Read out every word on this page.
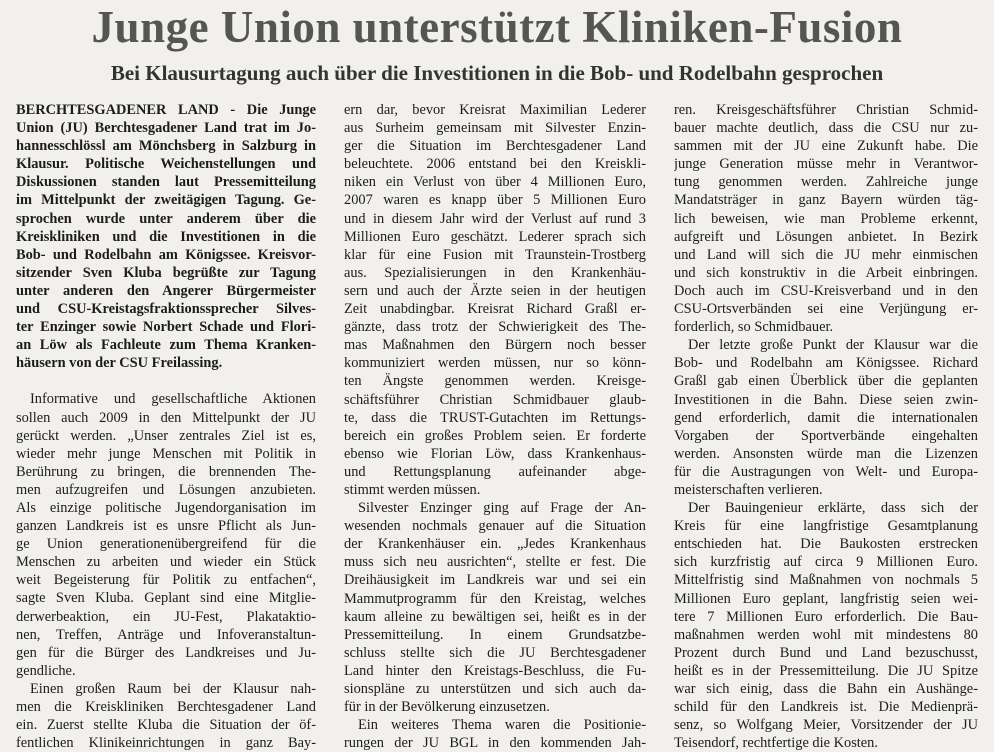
Junge Union unterstützt Kliniken-Fusion
Bei Klausurtagung auch über die Investitionen in die Bob- und Rodelbahn gesprochen
BERCHTESGADENER LAND - Die Junge
Union (JU) Berchtesgadener Land trat im Jo-
hannesschlössl am Mönchsberg in Salzburg in
Klausur. Politische Weichenstellungen und
Diskussionen standen laut Pressemitteilung
im Mittelpunkt der zweitägigen Tagung. Ge-
sprochen wurde unter anderem über die
Kreiskliniken und die Investitionen in die
Bob- und Rodelbahn am Königssee. Kreisvor-
sitzender Sven Kluba begrüßte zur Tagung
unter anderen den Angerer Bürgermeister
und CSU-Kreistagsfraktionssprecher Silves-
ter Enzinger sowie Norbert Schade und Flori-
an Löw als Fachleute zum Thema Kranken-
häusern von der CSU Freilassing.
Informative und gesellschaftliche Aktionen
sollen auch 2009 in den Mittelpunkt der JU
gerückt werden. „Unser zentrales Ziel ist es,
wieder mehr junge Menschen mit Politik in
Berührung zu bringen, die brennenden The-
men aufzugreifen und Lösungen anzubieten.
Als einzige politische Jugendorganisation im
ganzen Landkreis ist es unsre Pflicht als Jun-
ge Union generationenübergreifend für die
Menschen zu arbeiten und wieder ein Stück
weit Begeisterung für Politik zu entfachen“,
sagte Sven Kluba. Geplant sind eine Mitglie-
derwerbeaktion, ein JU-Fest, Plakataktio-
nen, Treffen, Anträge und Infoveranstaltun-
gen für die Bürger des Landkreises und Ju-
gendliche.
Einen großen Raum bei der Klausur nah-
men die Kreiskliniken Berchtesgadener Land
ein. Zuerst stellte Kluba die Situation der öf-
fentlichen Klinikeinrichtungen in ganz Bay-
ern dar, bevor Kreisrat Maximilian Lederer
aus Surheim gemeinsam mit Silvester Enzin-
ger die Situation im Berchtesgadener Land
beleuchtete. 2006 entstand bei den Kreiskli-
niken ein Verlust von über 4 Millionen Euro,
2007 waren es knapp über 5 Millionen Euro
und in diesem Jahr wird der Verlust auf rund 3
Millionen Euro geschätzt. Lederer sprach sich
klar für eine Fusion mit Traunstein-Trostberg
aus. Spezialisierungen in den Krankenhäu-
sern und auch der Ärzte seien in der heutigen
Zeit unabdingbar. Kreisrat Richard Graßl er-
gänzte, dass trotz der Schwierigkeit des The-
mas Maßnahmen den Bürgern noch besser
kommuniziert werden müssen, nur so könn-
ten Ängste genommen werden. Kreisge-
schäftsführer Christian Schmidbauer glaub-
te, dass die TRUST-Gutachten im Rettungs-
bereich ein großes Problem seien. Er forderte
ebenso wie Florian Löw, dass Krankenhaus-
und Rettungsplanung aufeinander abge-
stimmt werden müssen.
Silvester Enzinger ging auf Frage der An-
wesenden nochmals genauer auf die Situation
der Krankenhäuser ein. „Jedes Krankenhaus
muss sich neu ausrichten“, stellte er fest. Die
Dreihäusigkeit im Landkreis war und sei ein
Mammutprogramm für den Kreistag, welches
kaum alleine zu bewältigen sei, heißt es in der
Pressemitteilung. In einem Grundsatzbe-
schluss stellte sich die JU Berchtesgadener
Land hinter den Kreistags-Beschluss, die Fu-
sionspläne zu unterstützen und sich auch da-
für in der Bevölkerung einzusetzen.
Ein weiteres Thema waren die Positionie-
rungen der JU BGL in den kommenden Jah-
ren. Kreisgeschäftsführer Christian Schmid-
bauer machte deutlich, dass die CSU nur zu-
sammen mit der JU eine Zukunft habe. Die
junge Generation müsse mehr in Verantwor-
tung genommen werden. Zahlreiche junge
Mandatsträger in ganz Bayern würden täg-
lich beweisen, wie man Probleme erkennt,
aufgreift und Lösungen anbietet. In Bezirk
und Land will sich die JU mehr einmischen
und sich konstruktiv in die Arbeit einbringen.
Doch auch im CSU-Kreisverband und in den
CSU-Ortsverbänden sei eine Verjüngung er-
forderlich, so Schmidbauer.
Der letzte große Punkt der Klausur war die
Bob- und Rodelbahn am Königssee. Richard
Graßl gab einen Überblick über die geplanten
Investitionen in die Bahn. Diese seien zwin-
gend erforderlich, damit die internationalen
Vorgaben der Sportverbände eingehalten
werden. Ansonsten würde man die Lizenzen
für die Austragungen von Welt- und Europa-
meisterschaften verlieren.
Der Bauingenieur erklärte, dass sich der
Kreis für eine langfristige Gesamtplanung
entschieden hat. Die Baukosten erstrecken
sich kurzfristig auf circa 9 Millionen Euro.
Mittelfristig sind Maßnahmen von nochmals 5
Millionen Euro geplant, langfristig seien wei-
tere 7 Millionen Euro erforderlich. Die Bau-
maßnahmen werden wohl mit mindestens 80
Prozent durch Bund und Land bezuschusst,
heißt es in der Pressemitteilung. Die JU Spitze
war sich einig, dass die Bahn ein Aushänge-
schild für den Landkreis ist. Die Medienprä-
senz, so Wolfgang Meier, Vorsitzender der JU
Teisendorf, rechtfertige die Kosten.
